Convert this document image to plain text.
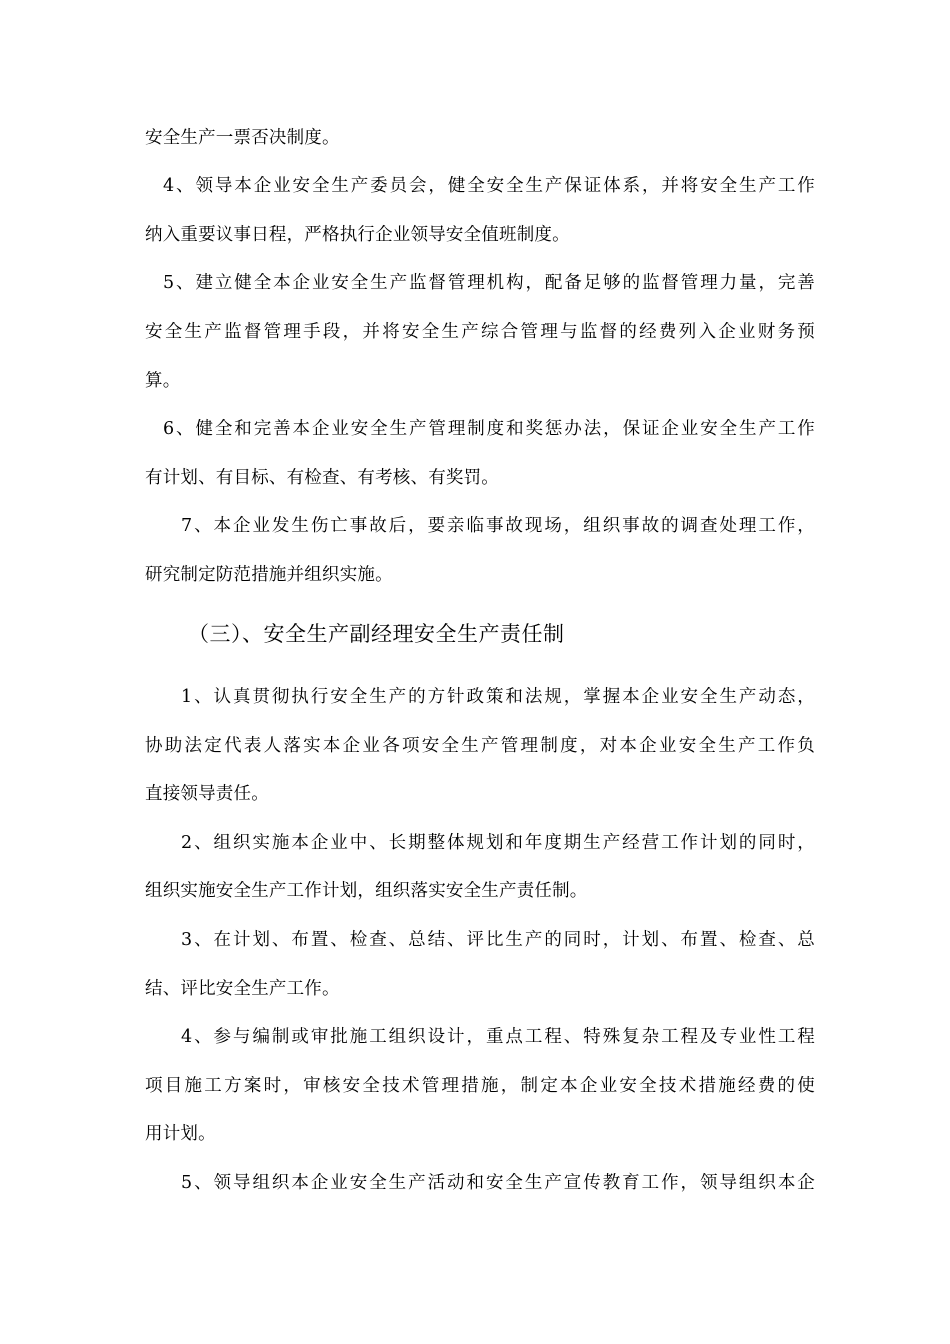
安全生产一票否决制度。
4、领导本企业安全生产委员会，健全安全生产保证体系，并将安全生产工作
纳入重要议事日程，严格执行企业领导安全值班制度。
5、建立健全本企业安全生产监督管理机构，配备足够的监督管理力量，完善
安全生产监督管理手段，并将安全生产综合管理与监督的经费列入企业财务预
算。
6、健全和完善本企业安全生产管理制度和奖惩办法，保证企业安全生产工作
有计划、有目标、有检查、有考核、有奖罚。
7、本企业发生伤亡事故后，要亲临事故现场，组织事故的调查处理工作，
研究制定防范措施并组织实施。
（三）、安全生产副经理安全生产责任制
1、认真贯彻执行安全生产的方针政策和法规，掌握本企业安全生产动态，
协助法定代表人落实本企业各项安全生产管理制度，对本企业安全生产工作负
直接领导责任。
2、组织实施本企业中、长期整体规划和年度期生产经营工作计划的同时，
组织实施安全生产工作计划，组织落实安全生产责任制。
3、在计划、布置、检查、总结、评比生产的同时，计划、布置、检查、总
结、评比安全生产工作。
4、参与编制或审批施工组织设计，重点工程、特殊复杂工程及专业性工程
项目施工方案时，审核安全技术管理措施，制定本企业安全技术措施经费的使
用计划。
5、领导组织本企业安全生产活动和安全生产宣传教育工作，领导组织本企
